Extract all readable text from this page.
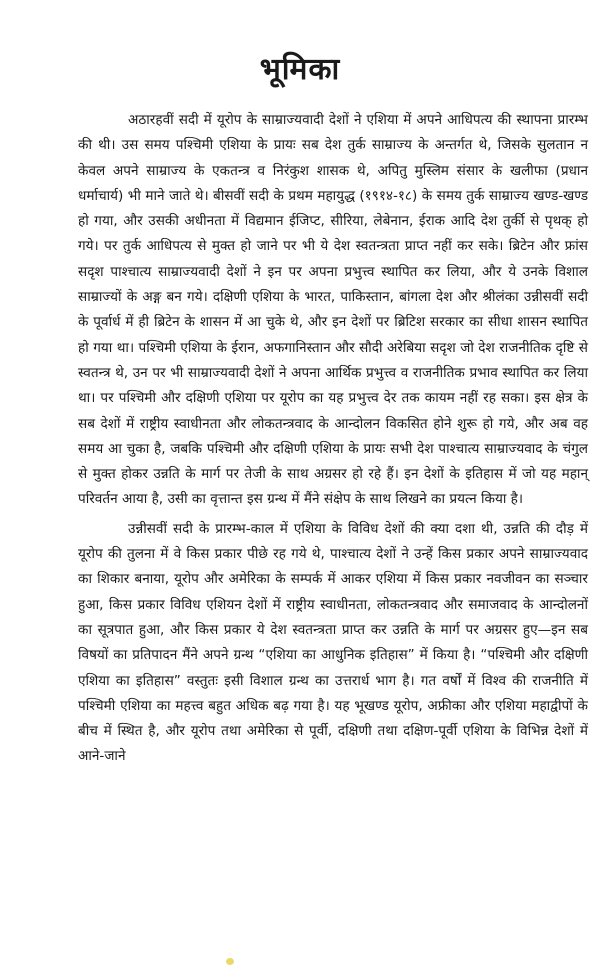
भूमिका

अठारहवीं सदी में यूरोप के साम्राज्यवादी देशों ने एशिया में अपने आधिपत्य की स्थापना प्रारम्भ की थी। उस समय पश्चिमी एशिया के प्रायः सब देश तुर्क साम्राज्य के अन्तर्गत थे, जिसके सुलतान न केवल अपने साम्राज्य के एकतन्त्र व निरंकुश शासक थे, अपितु मुस्लिम संसार के खलीफा (प्रधान धर्माचार्य) भी माने जाते थे। बीसवीं सदी के प्रथम महायुद्ध (१९१४-१८) के समय तुर्क साम्राज्य खण्ड-खण्ड हो गया, और उसकी अधीनता में विद्यमान ईजिप्ट, सीरिया, लेबेनान, ईराक आदि देश तुर्की से पृथक् हो गये। पर तुर्क आधिपत्य से मुक्त हो जाने पर भी ये देश स्वतन्त्रता प्राप्त नहीं कर सके। ब्रिटेन और फ्रांस सदृश पाश्चात्य साम्राज्यवादी देशों ने इन पर अपना प्रभुत्त्व स्थापित कर लिया, और ये उनके विशाल साम्राज्यों के अङ्ग बन गये। दक्षिणी एशिया के भारत, पाकिस्तान, बांगला देश और श्रीलंका उन्नीसवीं सदी के पूर्वार्ध में ही ब्रिटेन के शासन में आ चुके थे, और इन देशों पर ब्रिटिश सरकार का सीधा शासन स्थापित हो गया था। पश्चिमी एशिया के ईरान, अफगानिस्तान और सौदी अरेबिया सदृश जो देश राजनीतिक दृष्टि से स्वतन्त्र थे, उन पर भी साम्राज्यवादी देशों ने अपना आर्थिक प्रभुत्त्व व राजनीतिक प्रभाव स्थापित कर लिया था। पर पश्चिमी और दक्षिणी एशिया पर यूरोप का यह प्रभुत्त्व देर तक कायम नहीं रह सका। इस क्षेत्र के सब देशों में राष्ट्रीय स्वाधीनता और लोकतन्त्रवाद के आन्दोलन विकसित होने शुरू हो गये, और अब वह समय आ चुका है, जबकि पश्चिमी और दक्षिणी एशिया के प्रायः सभी देश पाश्चात्य साम्राज्यवाद के चंगुल से मुक्त होकर उन्नति के मार्ग पर तेजी के साथ अग्रसर हो रहे हैं। इन देशों के इतिहास में जो यह महान् परिवर्तन आया है, उसी का वृत्तान्त इस ग्रन्थ में मैंने संक्षेप के साथ लिखने का प्रयत्न किया है।

उन्नीसवीं सदी के प्रारम्भ-काल में एशिया के विविध देशों की क्या दशा थी, उन्नति की दौड़ में यूरोप की तुलना में वे किस प्रकार पीछे रह गये थे, पाश्चात्य देशों ने उन्हें किस प्रकार अपने साम्राज्यवाद का शिकार बनाया, यूरोप और अमेरिका के सम्पर्क में आकर एशिया में किस प्रकार नवजीवन का सञ्चार हुआ, किस प्रकार विविध एशियन देशों में राष्ट्रीय स्वाधीनता, लोकतन्त्रवाद और समाजवाद के आन्दोलनों का सूत्रपात हुआ, और किस प्रकार ये देश स्वतन्त्रता प्राप्त कर उन्नति के मार्ग पर अग्रसर हुए—इन सब विषयों का प्रतिपादन मैंने अपने ग्रन्थ “एशिया का आधुनिक इतिहास” में किया है। “पश्चिमी और दक्षिणी एशिया का इतिहास” वस्तुतः इसी विशाल ग्रन्थ का उत्तरार्ध भाग है। गत वर्षों में विश्व की राजनीति में पश्चिमी एशिया का महत्त्व बहुत अधिक बढ़ गया है। यह भूखण्ड यूरोप, अफ्रीका और एशिया महाद्वीपों के बीच में स्थित है, और यूरोप तथा अमेरिका से पूर्वी, दक्षिणी तथा दक्षिण-पूर्वी एशिया के विभिन्न देशों में आने-जाने
